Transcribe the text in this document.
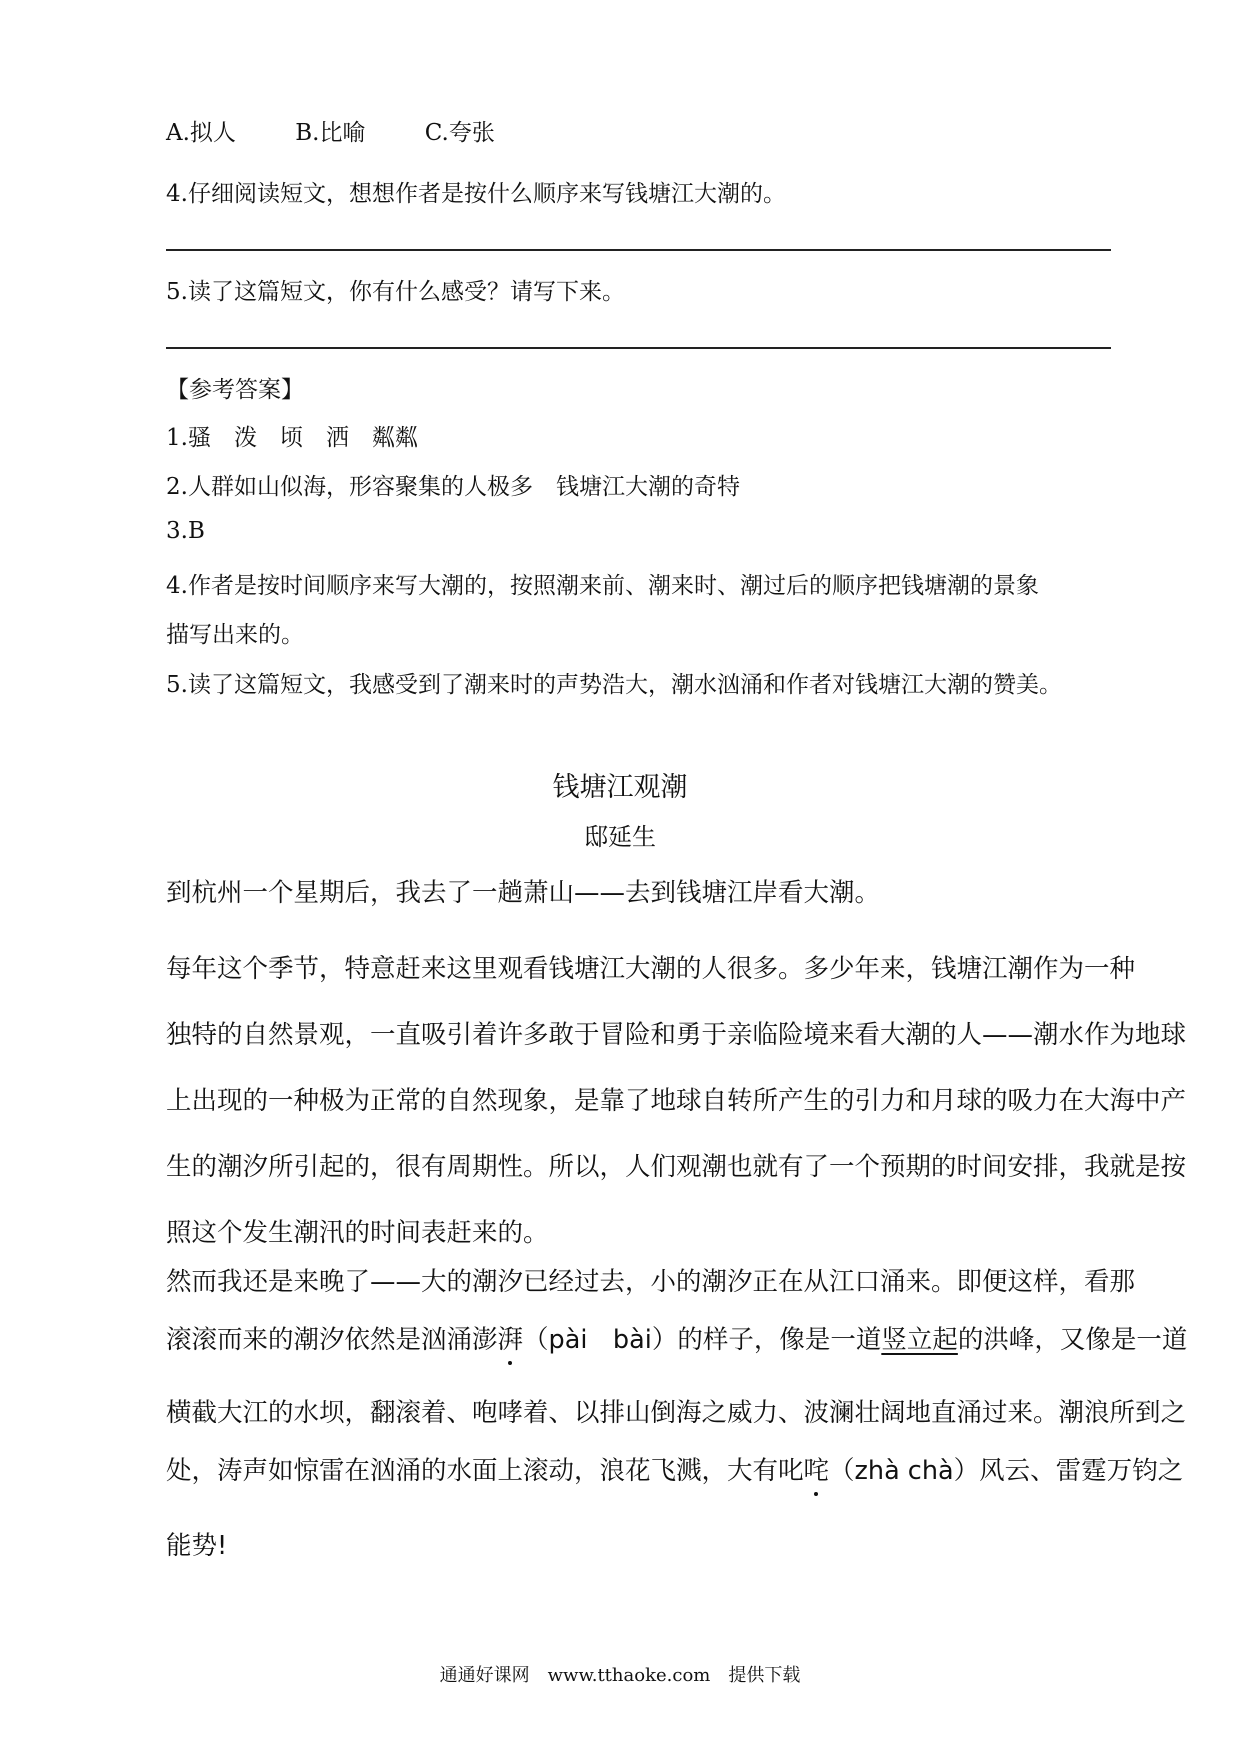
A.拟人	B.比喻	C.夸张
4.仔细阅读短文，想想作者是按什么顺序来写钱塘江大潮的。
5.读了这篇短文，你有什么感受？请写下来。
【参考答案】
1.骚　泼　顷　洒　粼粼
2.人群如山似海，形容聚集的人极多　钱塘江大潮的奇特
3.B
4.作者是按时间顺序来写大潮的，按照潮来前、潮来时、潮过后的顺序把钱塘潮的景象
描写出来的。
5.读了这篇短文，我感受到了潮来时的声势浩大，潮水汹涌和作者对钱塘江大潮的赞美。
钱塘江观潮
邸延生
到杭州一个星期后，我去了一趟萧山——去到钱塘江岸看大潮。
每年这个季节，特意赶来这里观看钱塘江大潮的人很多。多少年来，钱塘江潮作为一种
独特的自然景观，一直吸引着许多敢于冒险和勇于亲临险境来看大潮的人——潮水作为地球
上出现的一种极为正常的自然现象，是靠了地球自转所产生的引力和月球的吸力在大海中产
生的潮汐所引起的，很有周期性。所以，人们观潮也就有了一个预期的时间安排，我就是按
照这个发生潮汛的时间表赶来的。
然而我还是来晚了——大的潮汐已经过去，小的潮汐正在从江口涌来。即便这样，看那
滚滚而来的潮汐依然是汹涌澎湃（pài　bài）的样子，像是一道竖立起的洪峰，又像是一道
横截大江的水坝，翻滚着、咆哮着、以排山倒海之威力、波澜壮阔地直涌过来。潮浪所到之
处，涛声如惊雷在汹涌的水面上滚动，浪花飞溅，大有叱咤（zhà chà）风云、雷霆万钧之
能势!
通通好课网　www.tthaoke.com　提供下载
